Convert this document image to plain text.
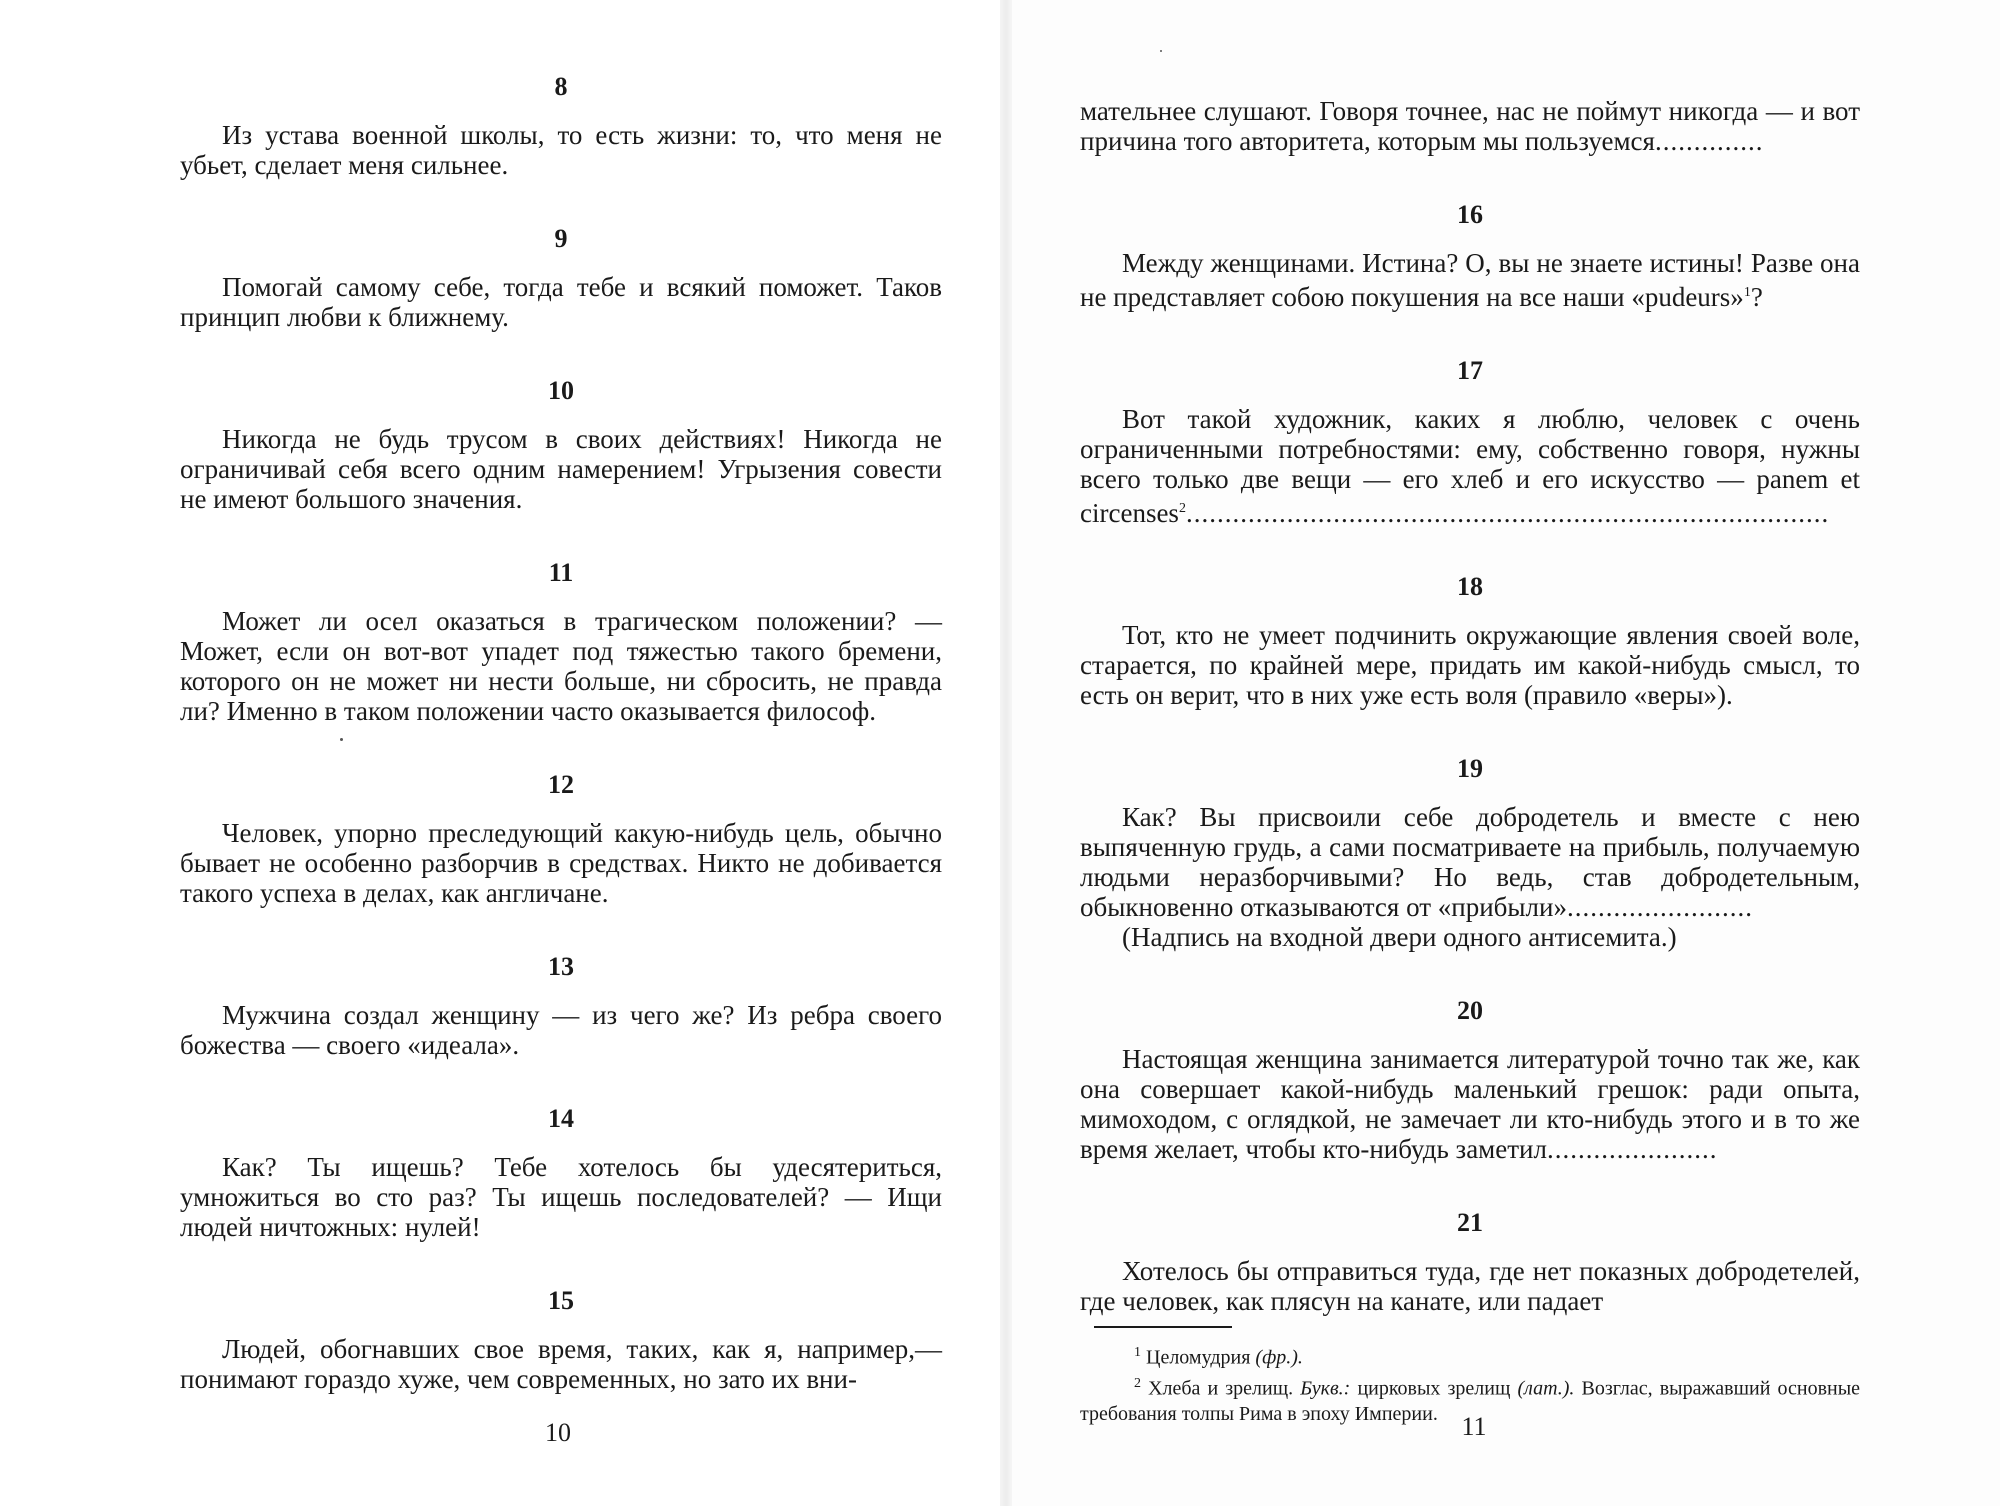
8

Из устава военной школы, то есть жизни: то, что меня не убьет, сделает меня сильнее.

9

Помогай самому себе, тогда тебе и всякий поможет. Таков принцип любви к ближнему.

10

Никогда не будь трусом в своих действиях! Никогда не ограничивай себя всего одним намерением! Угрызения совести не имеют большого значения.

11

Может ли осел оказаться в трагическом положении? — Может, если он вот-вот упадет под тяжестью такого бремени, которого он не может ни нести больше, ни сбросить, не правда ли? Именно в таком положении часто оказывается философ.

12

Человек, упорно преследующий какую-нибудь цель, обычно бывает не особенно разборчив в средствах. Никто не добивается такого успеха в делах, как англичане.

13

Мужчина создал женщину — из чего же? Из ребра своего божества — своего «идеала».

14

Как? Ты ищешь? Тебе хотелось бы удесятериться, умножиться во сто раз? Ты ищешь последователей? — Ищи людей ничтожных: нулей!

15

Людей, обогнавших свое время, таких, как я, например,— понимают гораздо хуже, чем современных, но зато их вни-

10

мательнее слушают. Говоря точнее, нас не поймут никогда — и вот причина того авторитета, которым мы пользуемся..............

16

Между женщинами. Истина? О, вы не знаете истины! Разве она не представляет собою покушения на все наши «pudeurs»$^1$?

17

Вот такой художник, каких я люблю, человек с очень ограниченными потребностями: ему, собственно говоря, нужны всего только две вещи — его хлеб и его искусство — panem et circenses$^2$...................................................................................

18

Тот, кто не умеет подчинить окружающие явления своей воле, старается, по крайней мере, придать им какой-нибудь смысл, то есть он верит, что в них уже есть воля (правило «веры»).

19

Как? Вы присвоили себе добродетель и вместе с нею выпяченную грудь, а сами посматриваете на прибыль, получаемую людьми неразборчивыми? Но ведь, став добродетельным, обыкновенно отказываются от «прибыли»........................

(Надпись на входной двери одного антисемита.)

20

Настоящая женщина занимается литературой точно так же, как она совершает какой-нибудь маленький грешок: ради опыта, мимоходом, с оглядкой, не замечает ли кто-нибудь этого и в то же время желает, чтобы кто-нибудь заметил......................

21

Хотелось бы отправиться туда, где нет показных добродетелей, где человек, как плясун на канате, или падает

$^1$ Целомудрия (фр.).

$^2$ Хлеба и зрелищ. Букв.: цирковых зрелищ (лат.). Возглас, выражавший основные требования толпы Рима в эпоху Империи. 11
